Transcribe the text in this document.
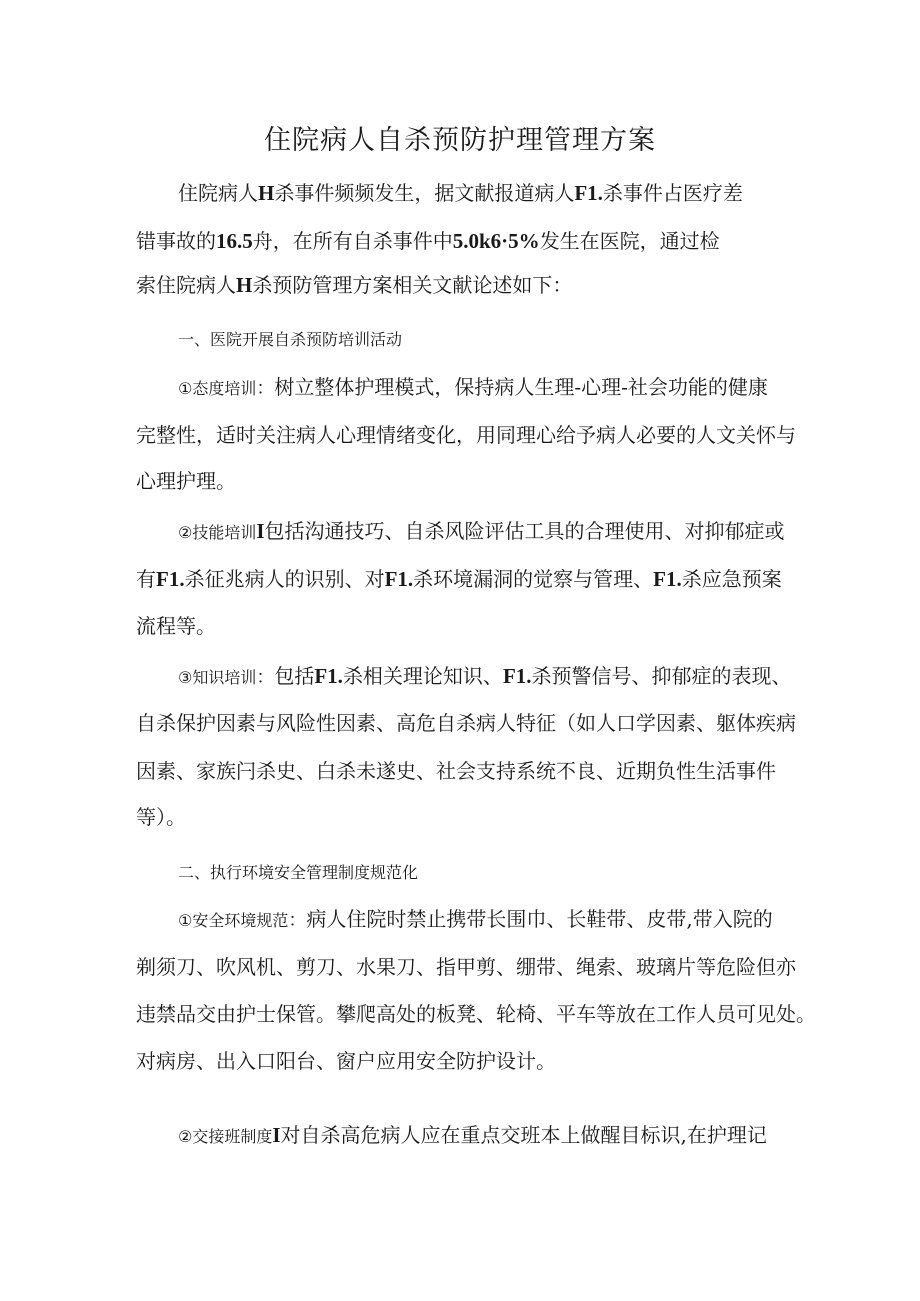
住院病人自杀预防护理管理方案
住院病人H杀事件频频发生，据文献报道病人F1.杀事件占医疗差
错事故的16.5舟，在所有自杀事件中5.0k6·5%发生在医院，通过检
索住院病人H杀预防管理方案相关文献论述如下：
一、医院开展自杀预防培训活动
①态度培训：树立整体护理模式，保持病人生理-心理-社会功能的健康
完整性，适时关注病人心理情绪变化，用同理心给予病人必要的人文关怀与
心理护理。
②技能培训I包括沟通技巧、自杀风险评估工具的合理使用、对抑郁症或
有F1.杀征兆病人的识别、对F1.杀环境漏洞的觉察与管理、F1.杀应急预案
流程等。
③知识培训：包括F1.杀相关理论知识、F1.杀预警信号、抑郁症的表现、
自杀保护因素与风险性因素、高危自杀病人特征（如人口学因素、躯体疾病
因素、家族闩杀史、白杀未遂史、社会支持系统不良、近期负性生活事件
等）。
二、执行环境安全管理制度规范化
①安全环境规范：病人住院时禁止携带长围巾、长鞋带、皮带,带入院的
剃须刀、吹风机、剪刀、水果刀、指甲剪、绷带、绳索、玻璃片等危险但亦
违禁品交由护士保管。攀爬高处的板凳、轮椅、平车等放在工作人员可见处。
对病房、出入口阳台、窗户应用安全防护设计。
②交接班制度I对自杀高危病人应在重点交班本上做醒目标识,在护理记
